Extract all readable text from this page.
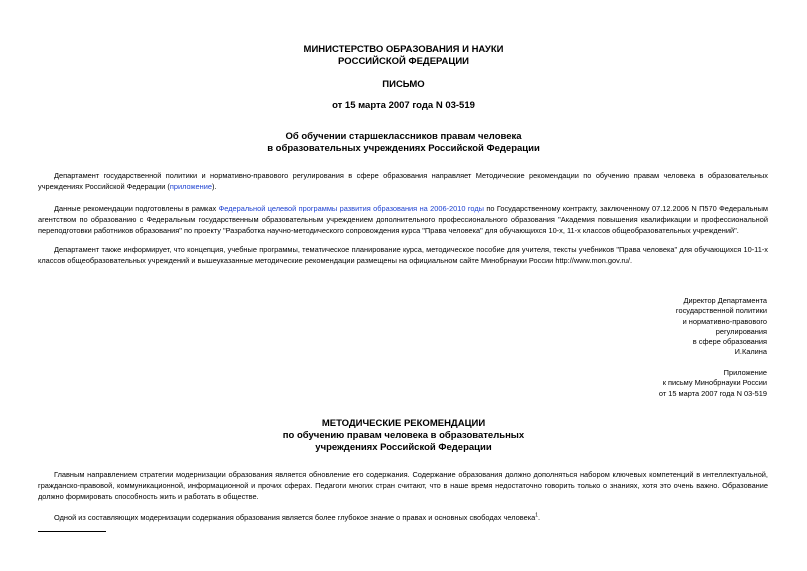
МИНИСТЕРСТВО ОБРАЗОВАНИЯ И НАУКИ
РОССИЙСКОЙ ФЕДЕРАЦИИ
ПИСЬМО
от 15 марта 2007 года N 03-519
Об обучении старшеклассников правам человека
в образовательных учреждениях Российской Федерации
Департамент государственной политики и нормативно-правового регулирования в сфере образования направляет Методические рекомендации по обучению правам человека в образовательных учреждениях Российской Федерации (приложение).
Данные рекомендации подготовлены в рамках Федеральной целевой программы развития образования на 2006-2010 годы по Государственному контракту, заключенному 07.12.2006 N П570 Федеральным агентством по образованию с Федеральным государственным образовательным учреждением дополнительного профессионального образования "Академия повышения квалификации и профессиональной переподготовки работников образования" по проекту "Разработка научно-методического сопровождения курса "Права человека" для обучающихся 10-х, 11-х классов общеобразовательных учреждений".
Департамент также информирует, что концепция, учебные программы, тематическое планирование курса, методическое пособие для учителя, тексты учебников "Права человека" для обучающихся 10-11-х классов общеобразовательных учреждений и вышеуказанные методические рекомендации размещены на официальном сайте Минобрнауки России http://www.mon.gov.ru/.
Директор Департамента
государственной политики
и нормативно-правового
регулирования
в сфере образования
И.Калина
Приложение
к письму Минобрнауки России
от 15 марта 2007 года N 03-519
МЕТОДИЧЕСКИЕ РЕКОМЕНДАЦИИ
по обучению правам человека в образовательных
учреждениях Российской Федерации
Главным направлением стратегии модернизации образования является обновление его содержания. Содержание образования должно дополняться набором ключевых компетенций в интеллектуальной, гражданско-правовой, коммуникационной, информационной и прочих сферах. Педагоги многих стран считают, что в наше время недостаточно говорить только о знаниях, хотя это очень важно. Образование должно формировать способность жить и работать в обществе.
Одной из составляющих модернизации содержания образования является более глубокое знание о правах и основных свободах человека$^1$.
